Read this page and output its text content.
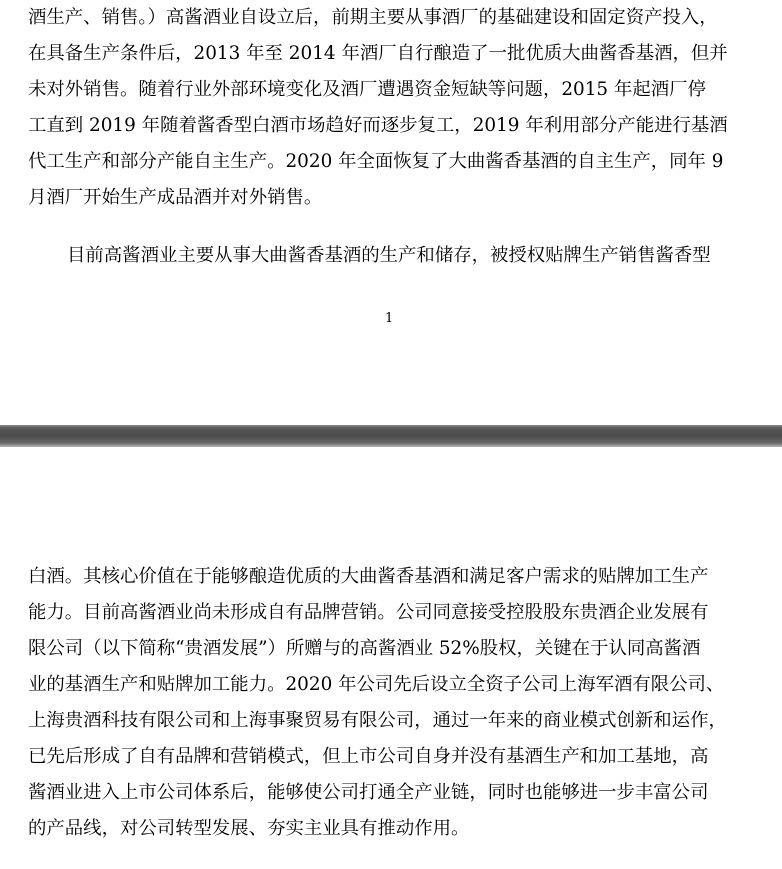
酒生产、销售。）高酱酒业自设立后，前期主要从事酒厂的基础建设和固定资产投入，
在具备生产条件后，2013 年至 2014 年酒厂自行酿造了一批优质大曲酱香基酒，但并
未对外销售。随着行业外部环境变化及酒厂遭遇资金短缺等问题，2015 年起酒厂停
工直到 2019 年随着酱香型白酒市场趋好而逐步复工，2019 年利用部分产能进行基酒
代工生产和部分产能自主生产。2020 年全面恢复了大曲酱香基酒的自主生产，同年 9
月酒厂开始生产成品酒并对外销售。
目前高酱酒业主要从事大曲酱香基酒的生产和储存，被授权贴牌生产销售酱香型
1
白酒。其核心价值在于能够酿造优质的大曲酱香基酒和满足客户需求的贴牌加工生产
能力。目前高酱酒业尚未形成自有品牌营销。公司同意接受控股股东贵酒企业发展有
限公司（以下简称“贵酒发展”）所赠与的高酱酒业 52%股权，关键在于认同高酱酒
业的基酒生产和贴牌加工能力。2020 年公司先后设立全资子公司上海军酒有限公司、
上海贵酒科技有限公司和上海事聚贸易有限公司，通过一年来的商业模式创新和运作，
已先后形成了自有品牌和营销模式，但上市公司自身并没有基酒生产和加工基地，高
酱酒业进入上市公司体系后，能够使公司打通全产业链，同时也能够进一步丰富公司
的产品线，对公司转型发展、夯实主业具有推动作用。
